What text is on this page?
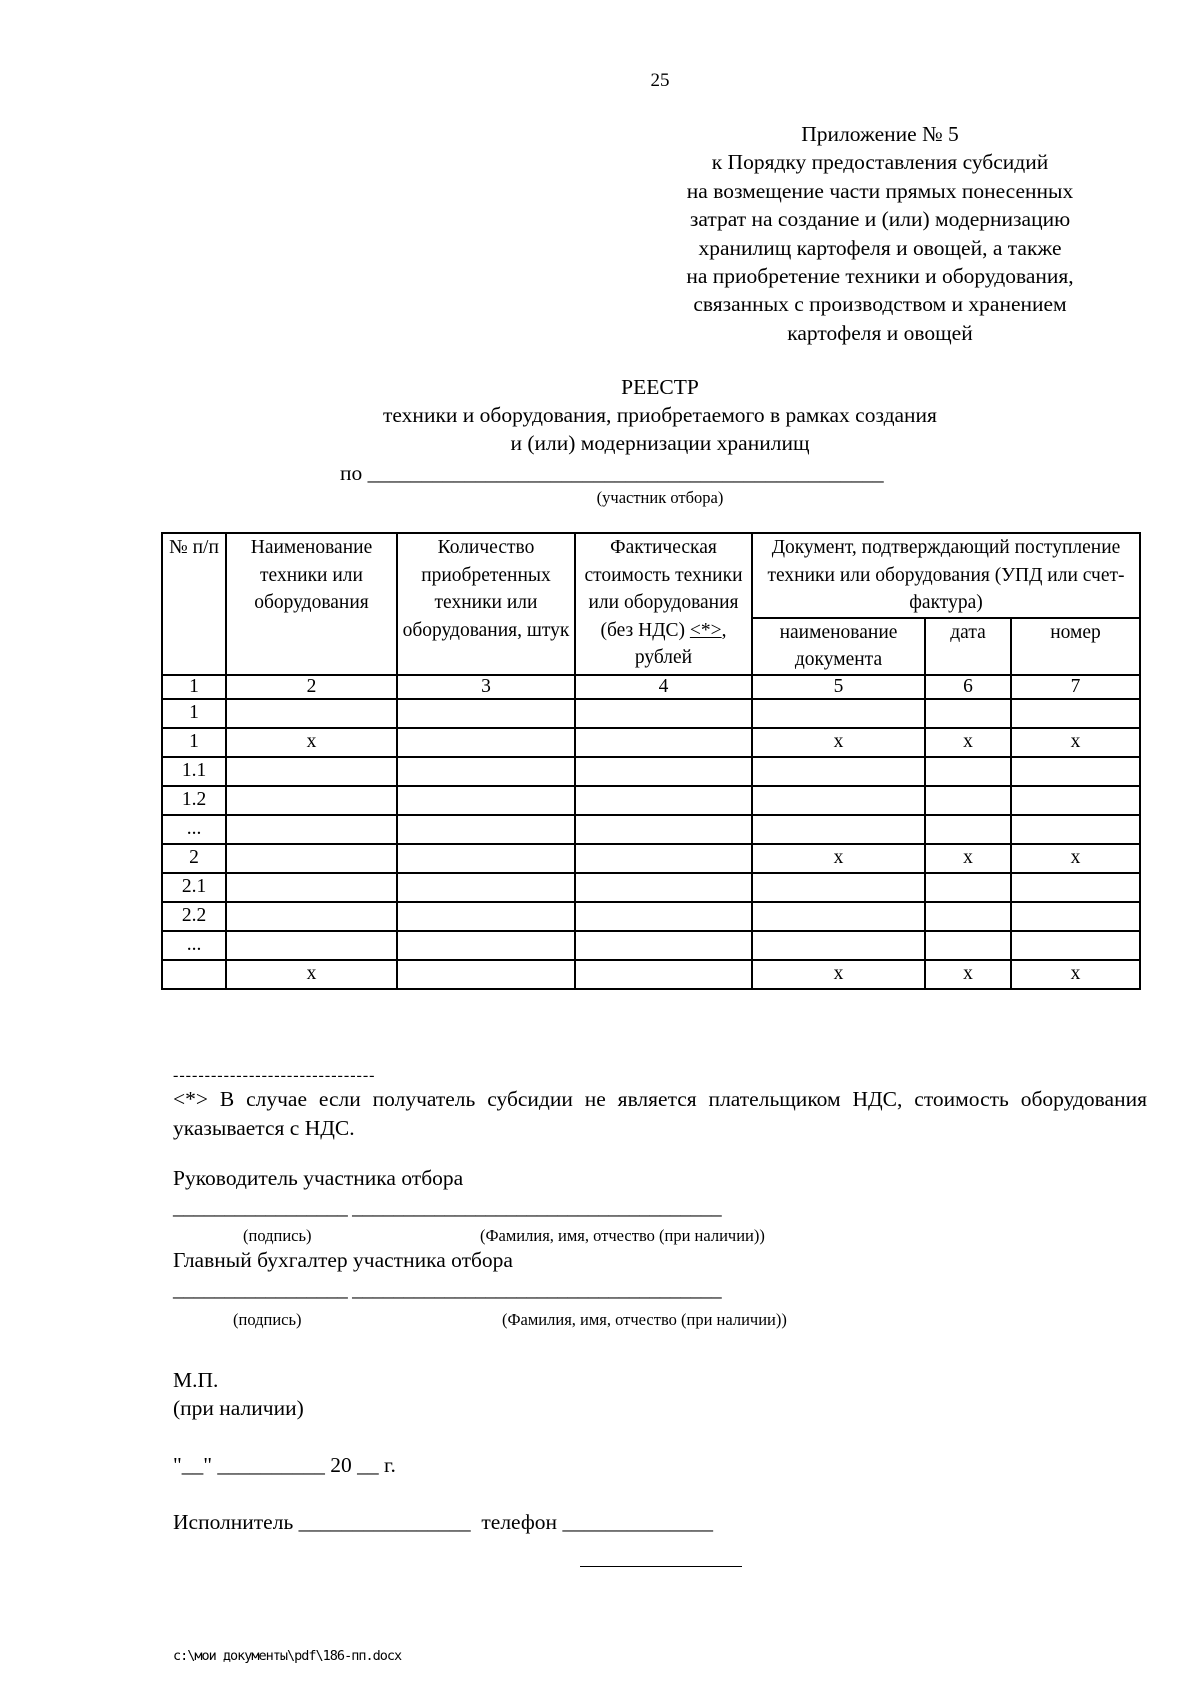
25
Приложение № 5
к Порядку предоставления субсидий
на возмещение части прямых понесенных
затрат на создание и (или) модернизацию
хранилищ картофеля и овощей, а также
на приобретение техники и оборудования,
связанных с производством и хранением
картофеля и овощей
РЕЕСТР
техники и оборудования, приобретаемого в рамках создания
и (или) модернизации хранилищ
по ________________________________________________
(участник отбора)
№ п/п	Наименование техники или оборудования	Количество приобретенных техники или оборудования, штук	Фактическая стоимость техники или оборудования (без НДС) <*>, рублей	Документ, подтверждающий поступление техники или оборудования (УПД или счет-фактура)		
				наименование документа	дата	номер
1	2	3	4	5	6	7
1						
1	x			x	x	x
1.1						
1.2						
...						
2				x	x	x
2.1						
2.2						
...						
	x			x	x	x
--------------------------------
<*> В случае если получатель субсидии не является плательщиком НДС, стоимость оборудования указывается с НДС.
Руководитель участника отбора
_________________ ____________________________________
(подпись)	(Фамилия, имя, отчество (при наличии))
Главный бухгалтер участника отбора
_________________ ____________________________________
(подпись)	(Фамилия, имя, отчество (при наличии))
М.П.
(при наличии)
"__" __________ 20 __ г.
Исполнитель ________________ телефон ______________
c:\мои документы\pdf\186-пп.docx
